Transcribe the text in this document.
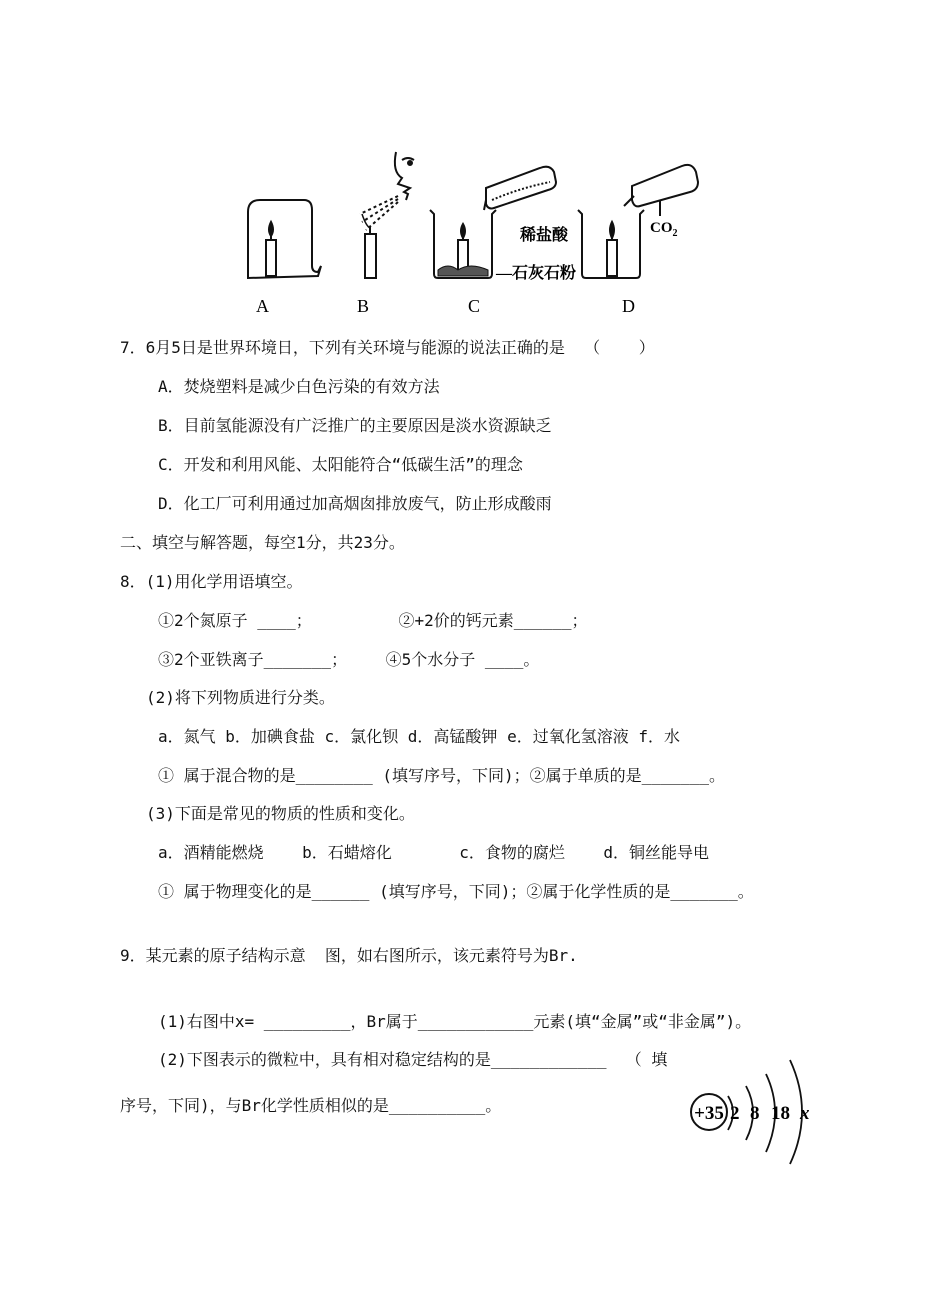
稀盐酸
—石灰石粉
$CO_2$
A	B	C	D
7．6月5日是世界环境日，下列有关环境与能源的说法正确的是  （    ）
A．焚烧塑料是减少白色污染的有效方法
B．目前氢能源没有广泛推广的主要原因是淡水资源缺乏
C．开发和利用风能、太阳能符合“低碳生活”的理念
D．化工厂可利用通过加高烟囱排放废气，防止形成酸雨
二、填空与解答题，每空1分，共23分。
8．(1)用化学用语填空。
①2个氮原子 ____；         ②+2价的钙元素______；
③2个亚铁离子_______；    ④5个水分子 ____。
(2)将下列物质进行分类。
a．氮气 b．加碘食盐 c．氯化钡 d．高锰酸钾 e．过氧化氢溶液 f．水
① 属于混合物的是________ (填写序号，下同)；②属于单质的是_______。
(3)下面是常见的物质的性质和变化。
a．酒精能燃烧    b．石蜡熔化       c．食物的腐烂    d．铜丝能导电
① 属于物理变化的是______ (填写序号，下同)；②属于化学性质的是_______。
9．某元素的原子结构示意  图，如右图所示，该元素符号为Br.
(1)右图中x= _________，Br属于____________元素(填“金属”或“非金属”)。
(2)下图表示的微粒中，具有相对稳定结构的是____________  （ 填
序号，下同)，与Br化学性质相似的是__________。	+35 2 8 18 x
